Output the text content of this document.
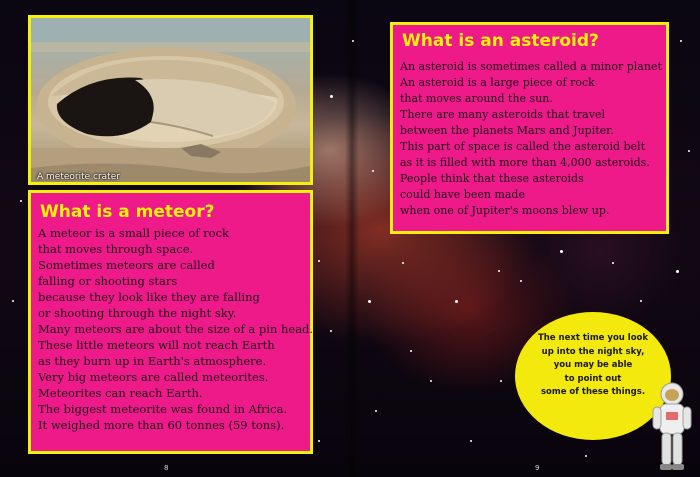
A meteorite crater
What is a meteor?
A meteor is a small piece of rock
that moves through space.
Sometimes meteors are called
falling or shooting stars
because they look like they are falling
or shooting through the night sky.
Many meteors are about the size of a pin head.
These little meteors will not reach Earth
as they burn up in Earth's atmosphere.
Very big meteors are called meteorites.
Meteorites can reach Earth.
The biggest meteorite was found in Africa.
It weighed more than 60 tonnes (59 tons).
What is an asteroid?
An asteroid is sometimes called a minor planet
An asteroid is a large piece of rock
that moves around the sun.
There are many asteroids that travel
between the planets Mars and Jupiter.
This part of space is called the asteroid belt
as it is filled with more than 4,000 asteroids.
People think that these asteroids
could have been made
when one of Jupiter's moons blew up.
The next time you look
up into the night sky,
you may be able
to point out
some of these things.
8	9
